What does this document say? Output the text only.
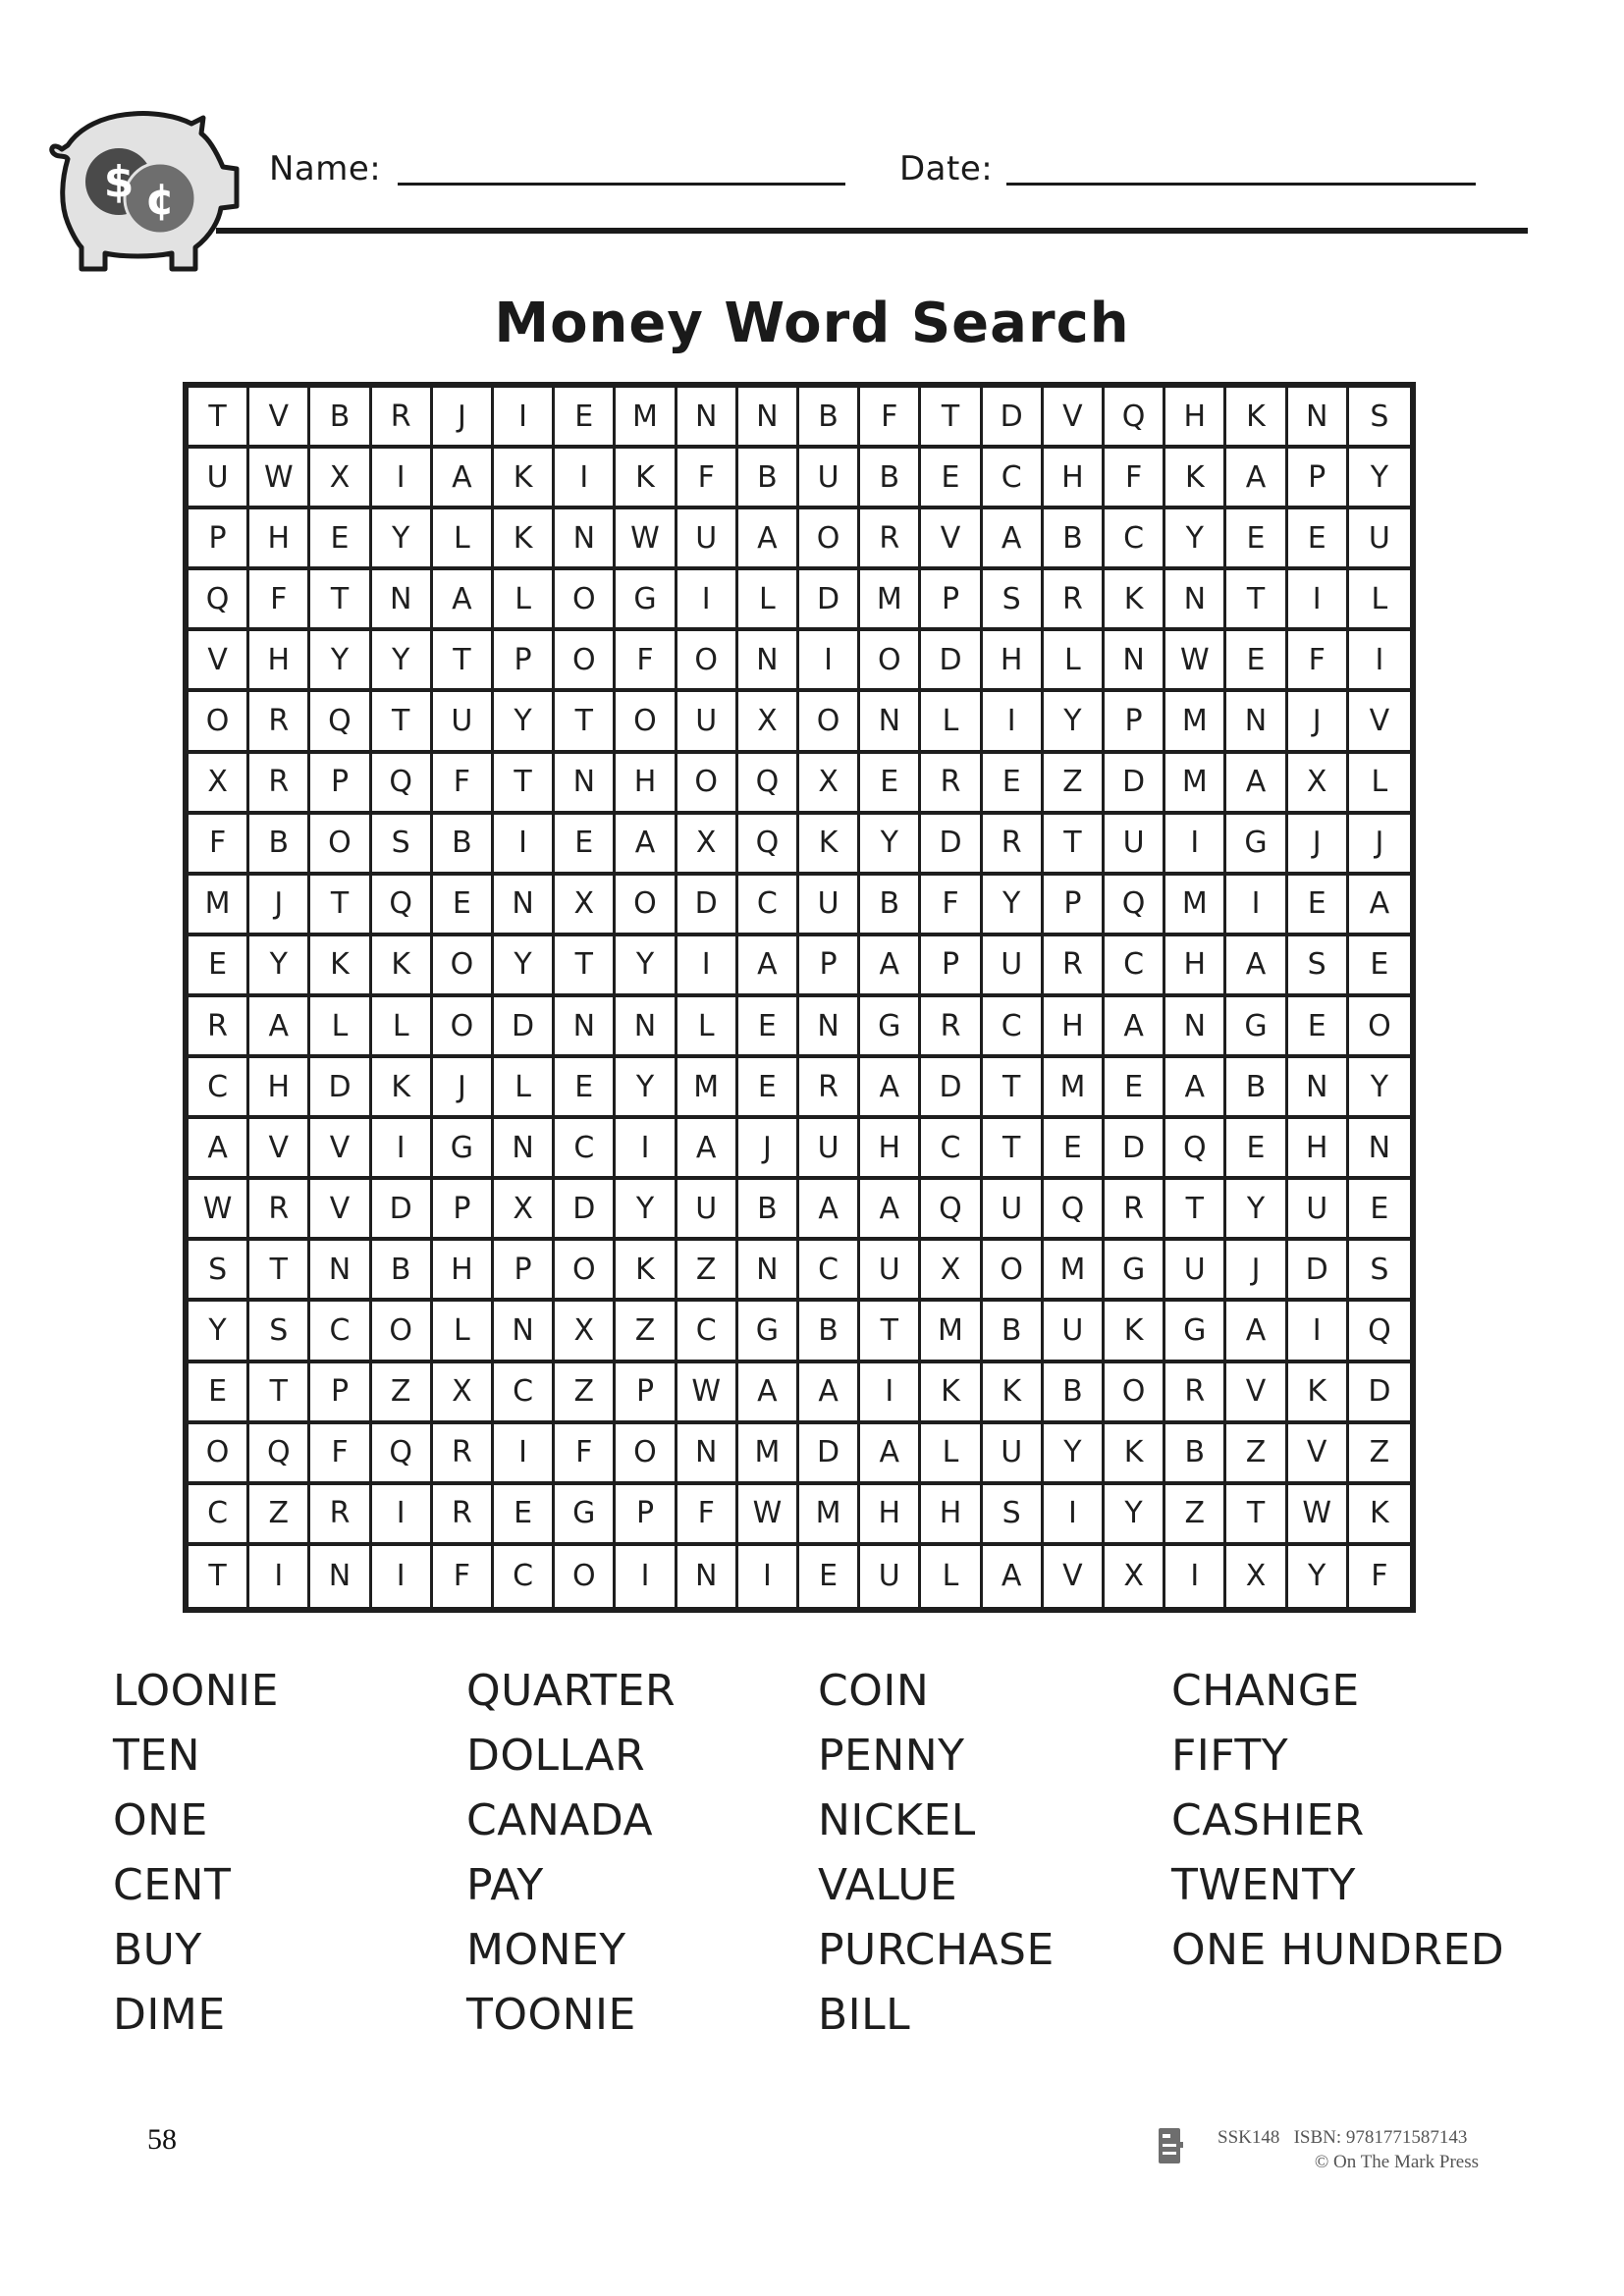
$ ¢
Name:	Date:
Money Word Search
T	V	B	R	J	I	E	M	N	N	B	F	T	D	V	Q	H	K	N	S
U	W	X	I	A	K	I	K	F	B	U	B	E	C	H	F	K	A	P	Y
P	H	E	Y	L	K	N	W	U	A	O	R	V	A	B	C	Y	E	E	U
Q	F	T	N	A	L	O	G	I	L	D	M	P	S	R	K	N	T	I	L
V	H	Y	Y	T	P	O	F	O	N	I	O	D	H	L	N	W	E	F	I
O	R	Q	T	U	Y	T	O	U	X	O	N	L	I	Y	P	M	N	J	V
X	R	P	Q	F	T	N	H	O	Q	X	E	R	E	Z	D	M	A	X	L
F	B	O	S	B	I	E	A	X	Q	K	Y	D	R	T	U	I	G	J	J
M	J	T	Q	E	N	X	O	D	C	U	B	F	Y	P	Q	M	I	E	A
E	Y	K	K	O	Y	T	Y	I	A	P	A	P	U	R	C	H	A	S	E
R	A	L	L	O	D	N	N	L	E	N	G	R	C	H	A	N	G	E	O
C	H	D	K	J	L	E	Y	M	E	R	A	D	T	M	E	A	B	N	Y
A	V	V	I	G	N	C	I	A	J	U	H	C	T	E	D	Q	E	H	N
W	R	V	D	P	X	D	Y	U	B	A	A	Q	U	Q	R	T	Y	U	E
S	T	N	B	H	P	O	K	Z	N	C	U	X	O	M	G	U	J	D	S
Y	S	C	O	L	N	X	Z	C	G	B	T	M	B	U	K	G	A	I	Q
E	T	P	Z	X	C	Z	P	W	A	A	I	K	K	B	O	R	V	K	D
O	Q	F	Q	R	I	F	O	N	M	D	A	L	U	Y	K	B	Z	V	Z
C	Z	R	I	R	E	G	P	F	W	M	H	H	S	I	Y	Z	T	W	K
T	I	N	I	F	C	O	I	N	I	E	U	L	A	V	X	I	X	Y	F
LOONIE
TEN
ONE
CENT
BUY
DIME
QUARTER
DOLLAR
CANADA
PAY
MONEY
TOONIE
COIN
PENNY
NICKEL
VALUE
PURCHASE
BILL
CHANGE
FIFTY
CASHIER
TWENTY
ONE HUNDRED
58	SSK148 ISBN: 9781771587143
© On The Mark Press
